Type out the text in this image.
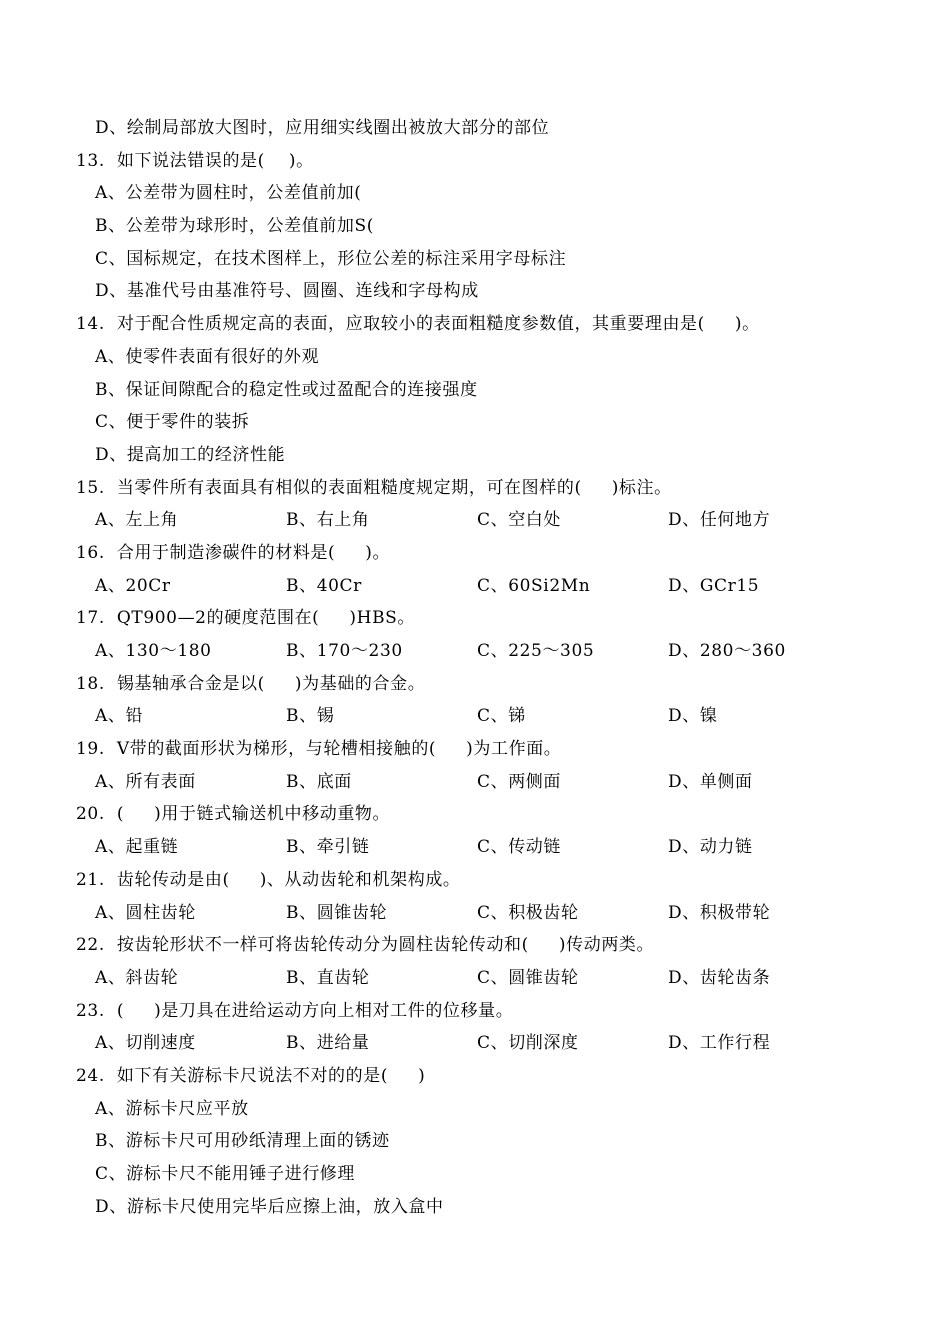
D、绘制局部放大图时，应用细实线圈出被放大部分的部位
13.  如下说法错误的是(    )。
A、公差带为圆柱时，公差值前加(
B、公差带为球形时，公差值前加S(
C、国标规定，在技术图样上，形位公差的标注采用字母标注
D、基准代号由基准符号、圆圈、连线和字母构成
14.  对于配合性质规定高的表面，应取较小的表面粗糙度参数值，其重要理由是(     )。
A、使零件表面有很好的外观
B、保证间隙配合的稳定性或过盈配合的连接强度
C、便于零件的装拆
D、提高加工的经济性能
15.  当零件所有表面具有相似的表面粗糙度规定期，可在图样的(     )标注。
A、左上角	B、右上角	C、空白处	D、任何地方
16.  合用于制造渗碳件的材料是(     )。
A、20Cr	B、40Cr	C、60Si2Mn	D、GCr15
17.  QT900—2的硬度范围在(     )HBS。
A、130～180	B、170～230	C、225～305	D、280～360
18.  锡基轴承合金是以(     )为基础的合金。
A、铅	B、锡	C、锑	D、镍
19.  V带的截面形状为梯形，与轮槽相接触的(     )为工作面。
A、所有表面	B、底面	C、两侧面	D、单侧面
20.  (     )用于链式输送机中移动重物。
A、起重链	B、牵引链	C、传动链	D、动力链
21.  齿轮传动是由(     )、从动齿轮和机架构成。
A、圆柱齿轮	B、圆锥齿轮	C、积极齿轮	D、积极带轮
22.  按齿轮形状不一样可将齿轮传动分为圆柱齿轮传动和(     )传动两类。
A、斜齿轮	B、直齿轮	C、圆锥齿轮	D、齿轮齿条
23.  (     )是刀具在进给运动方向上相对工件的位移量。
A、切削速度	B、进给量	C、切削深度	D、工作行程
24.  如下有关游标卡尺说法不对的的是(     )
A、游标卡尺应平放
B、游标卡尺可用砂纸清理上面的锈迹
C、游标卡尺不能用锤子进行修理
D、游标卡尺使用完毕后应擦上油，放入盒中
